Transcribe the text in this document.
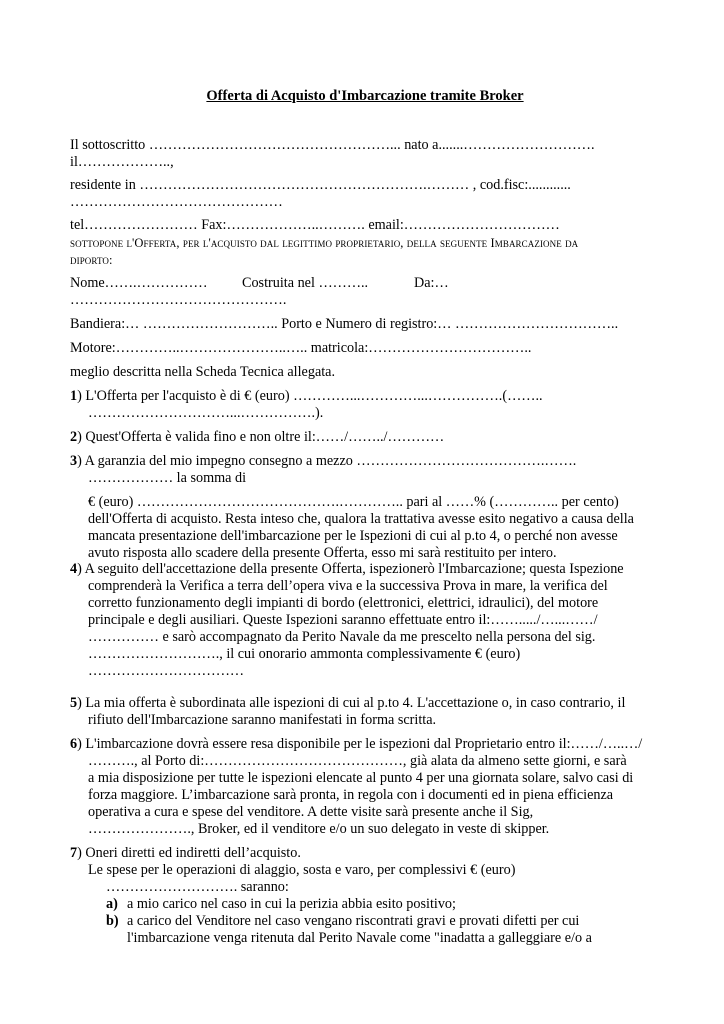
Offerta di Acquisto d'Imbarcazione tramite Broker
Il sottoscritto ……………………………………………... nato a.......……………………….
il………………..,
residente in …………………………………………………….……… , cod.fisc:............
………………………………………
tel…………………… Fax:………………..………. email:……………………………
sottopone l'Offerta, per l'acquisto dal legittimo proprietario, della seguente Imbarcazione da
diporto:
Nome…….…………… Costruita nel ………..	Da:…
……………………………………….
Bandiera:… ……………………….. Porto e Numero di registro:… ……………………………..
Motore:…………..…………………..….. matricola:……………………………..
meglio descritta nella Scheda Tecnica allegata.
1) L'Offerta per l'acquisto è di € (euro) …………...…………...…………….(……..
…………………………...…………….).
2) Quest'Offerta è valida fino e non oltre il:……/……../…………
3) A garanzia del mio impegno consegno a mezzo ………………………………….…….
……………… la somma di
€ (euro) …………………………………….………….. pari al ……% (………….. per cento)
dell'Offerta di acquisto. Resta inteso che, qualora la trattativa avesse esito negativo a causa della
mancata presentazione dell'imbarcazione per le Ispezioni di cui al p.to 4, o perché non avesse
avuto risposta allo scadere della presente Offerta, esso mi sarà restituito per intero.
4) A seguito dell'accettazione della presente Offerta, ispezionerò l'Imbarcazione; questa Ispezione
comprenderà la Verifica a terra dell’opera viva e la successiva Prova in mare, la verifica del
corretto funzionamento degli impianti di bordo (elettronici, elettrici, idraulici), del motore
principale e degli ausiliari. Queste Ispezioni saranno effettuate entro il:……...../…...……/
…………… e sarò accompagnato da Perito Navale da me prescelto nella persona del sig.
………………………., il cui onorario ammonta complessivamente € (euro)
……………………………
5) La mia offerta è subordinata alle ispezioni di cui al p.to 4. L'accettazione o, in caso contrario, il
rifiuto dell'Imbarcazione saranno manifestati in forma scritta.
6) L'imbarcazione dovrà essere resa disponibile per le ispezioni dal Proprietario entro il:……/…..…/
………., al Porto di:……………………………………, già alata da almeno sette giorni, e sarà
a mia disposizione per tutte le ispezioni elencate al punto 4 per una giornata solare, salvo casi di
forza maggiore. L’imbarcazione sarà pronta, in regola con i documenti ed in piena efficienza
operativa a cura e spese del venditore. A dette visite sarà presente anche il Sig,
…………………., Broker, ed il venditore e/o un suo delegato in veste di skipper.
7) Oneri diretti ed indiretti dell’acquisto.
Le spese per le operazioni di alaggio, sosta e varo, per complessivi € (euro)
………………………. saranno:
a) a mio carico nel caso in cui la perizia abbia esito positivo;
b) a carico del Venditore nel caso vengano riscontrati gravi e provati difetti per cui
l'imbarcazione venga ritenuta dal Perito Navale come "inadatta a galleggiare e/o a
